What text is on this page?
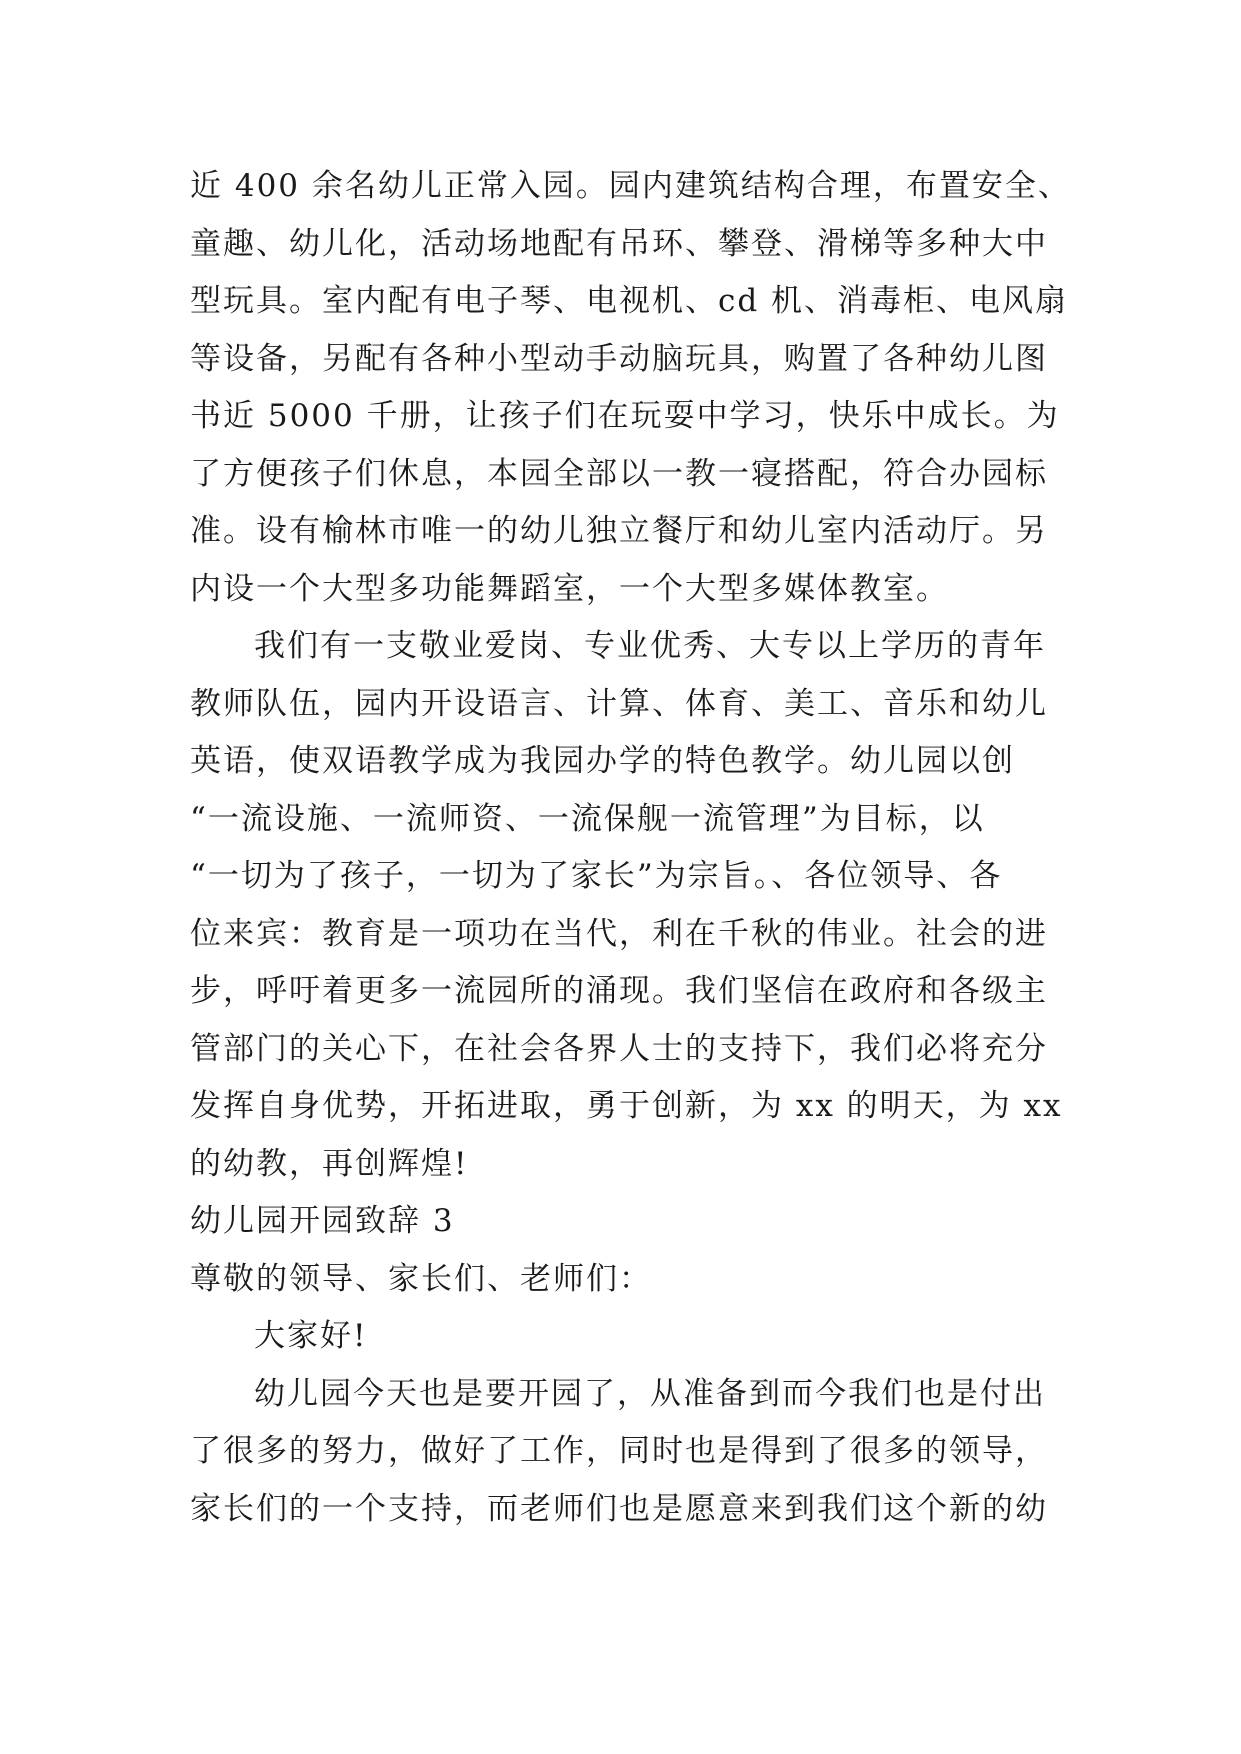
近 400 余名幼儿正常入园。园内建筑结构合理，布置安全、
童趣、幼儿化，活动场地配有吊环、攀登、滑梯等多种大中
型玩具。室内配有电子琴、电视机、cd 机、消毒柜、电风扇
等设备，另配有各种小型动手动脑玩具，购置了各种幼儿图
书近 5000 千册，让孩子们在玩耍中学习，快乐中成长。为
了方便孩子们休息，本园全部以一教一寝搭配，符合办园标
准。设有榆林市唯一的幼儿独立餐厅和幼儿室内活动厅。另
内设一个大型多功能舞蹈室，一个大型多媒体教室。
我们有一支敬业爱岗、专业优秀、大专以上学历的青年
教师队伍，园内开设语言、计算、体育、美工、音乐和幼儿
英语，使双语教学成为我园办学的特色教学。幼儿园以创
“一流设施、一流师资、一流保舰一流管理”为目标，以
“一切为了孩子，一切为了家长”为宗旨。、各位领导、各
位来宾：教育是一项功在当代，利在千秋的伟业。社会的进
步，呼吁着更多一流园所的涌现。我们坚信在政府和各级主
管部门的关心下，在社会各界人士的支持下，我们必将充分
发挥自身优势，开拓进取，勇于创新，为 xx 的明天，为 xx
的幼教，再创辉煌!
幼儿园开园致辞 3
尊敬的领导、家长们、老师们：
大家好!
幼儿园今天也是要开园了，从准备到而今我们也是付出
了很多的努力，做好了工作，同时也是得到了很多的领导，
家长们的一个支持，而老师们也是愿意来到我们这个新的幼
